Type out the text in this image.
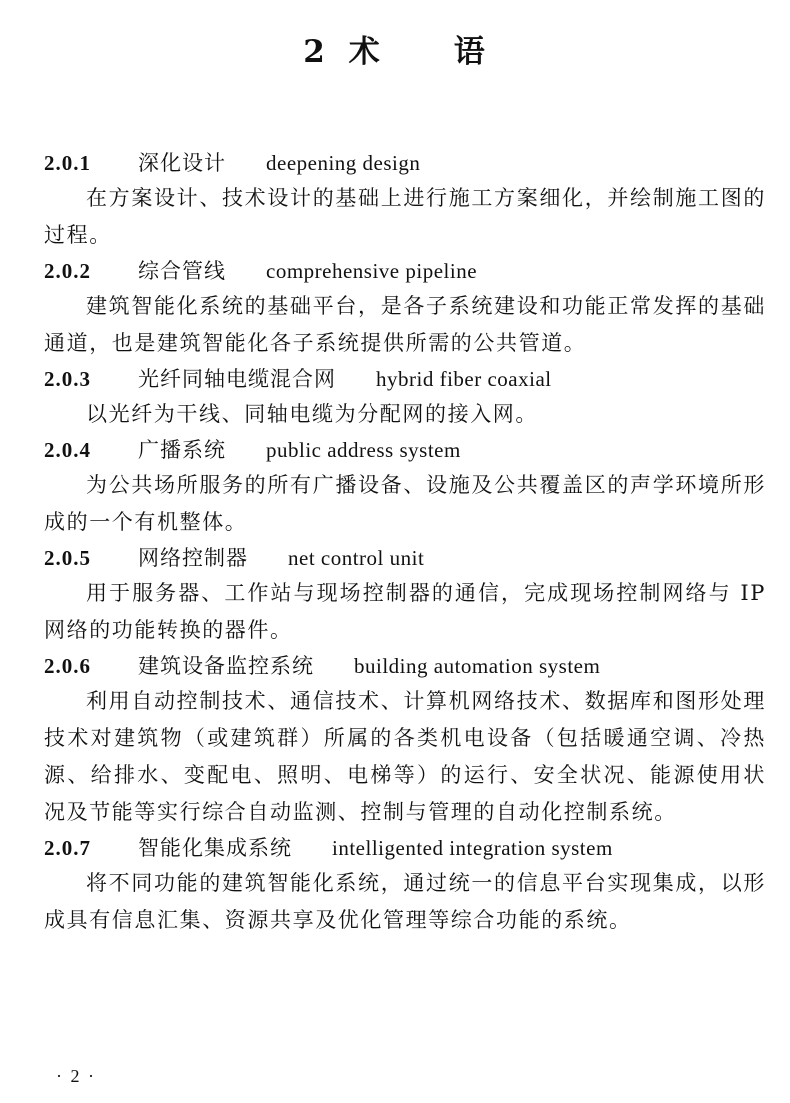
2 术 语
2.0.1 深化设计 deepening design

在方案设计、技术设计的基础上进行施工方案细化，并绘制施工图的过程。

2.0.2 综合管线 comprehensive pipeline

建筑智能化系统的基础平台，是各子系统建设和功能正常发挥的基础通道，也是建筑智能化各子系统提供所需的公共管道。

2.0.3 光纤同轴电缆混合网 hybrid fiber coaxial

以光纤为干线、同轴电缆为分配网的接入网。

2.0.4 广播系统 public address system

为公共场所服务的所有广播设备、设施及公共覆盖区的声学环境所形成的一个有机整体。

2.0.5 网络控制器 net control unit

用于服务器、工作站与现场控制器的通信，完成现场控制网络与 IP 网络的功能转换的器件。

2.0.6 建筑设备监控系统 building automation system

利用自动控制技术、通信技术、计算机网络技术、数据库和图形处理技术对建筑物（或建筑群）所属的各类机电设备（包括暖通空调、冷热源、给排水、变配电、照明、电梯等）的运行、安全状况、能源使用状况及节能等实行综合自动监测、控制与管理的自动化控制系统。

2.0.7 智能化集成系统 intelligented integration system

将不同功能的建筑智能化系统，通过统一的信息平台实现集成，以形成具有信息汇集、资源共享及优化管理等综合功能的系统。

· 2 ·
